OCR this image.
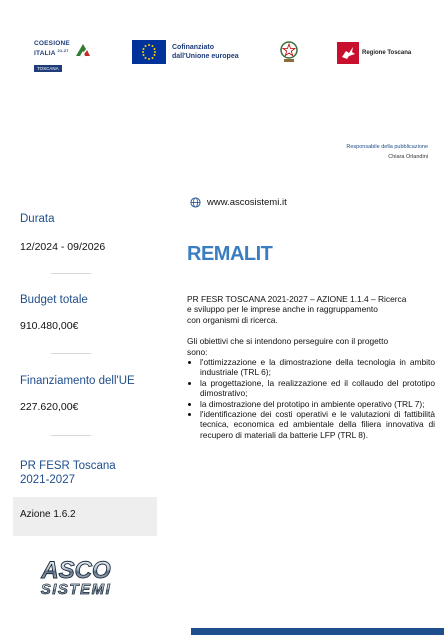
COESIONE
ITALIA $^{21-27}$
TOSCANA
Cofinanziato
dall'Unione europea	Regione Toscana
Responsabile della pubblicazione
Chiara Orlandini
Durata
12/2024 - 09/2026
Budget totale
910.480,00€
Finanziamento dell'UE
227.620,00€
PR FESR Toscana
2021-2027
Azione 1.6.2
ASCO
SISTEMI
www.ascosistemi.it
REMALIT

PR FESR TOSCANA 2021-2027 – AZIONE 1.1.4 – Ricerca

e sviluppo per le imprese anche in raggruppamento

con organismi di ricerca.

Gli obiettivi che si intendono perseguire con il progetto

sono:

• l'ottimizzazione e la dimostrazione della tecnologia in ambito industriale (TRL 6);
• la progettazione, la realizzazione ed il collaudo del prototipo dimostrativo;
• la dimostrazione del prototipo in ambiente operativo (TRL 7);
• l'identificazione dei costi operativi e le valutazioni di fattibilità tecnica, economica ed ambientale della filiera innovativa di recupero di materiali da batterie LFP (TRL 8).
